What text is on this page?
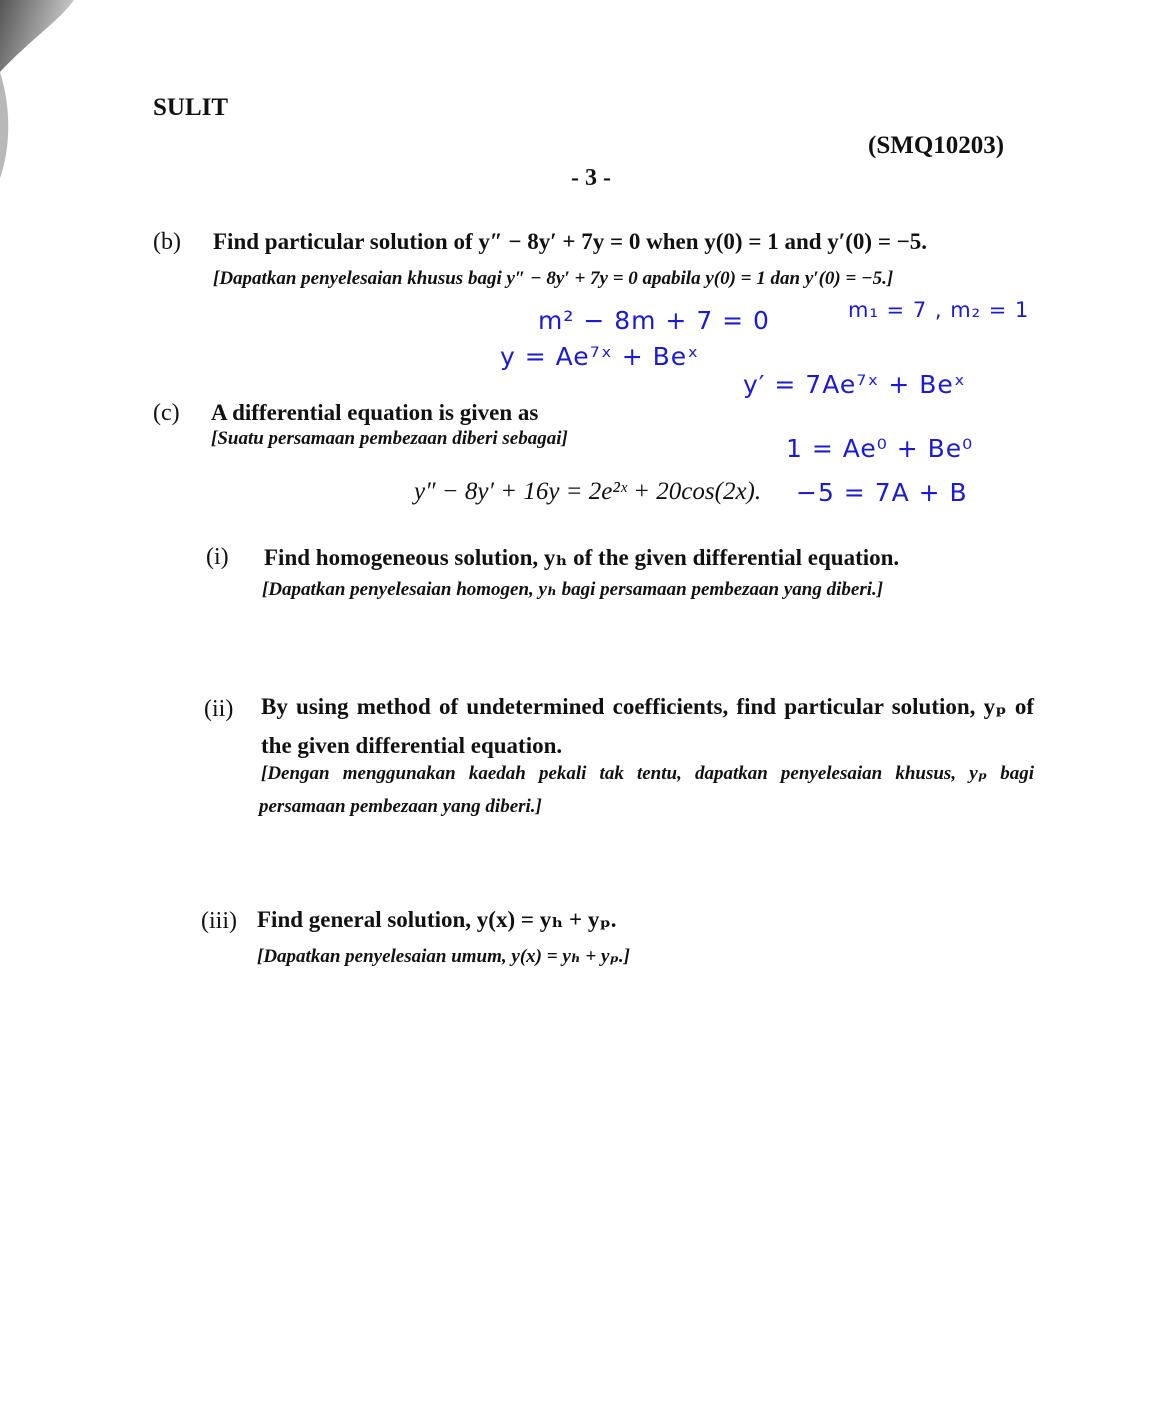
SULIT
(SMQ10203)
- 3 -
(b) Find particular solution of y″ − 8y′ + 7y = 0 when y(0) = 1 and y′(0) = −5.
[Dapatkan penyelesaian khusus bagi y″ − 8y′ + 7y = 0 apabila y(0) = 1 dan y′(0) = −5.]
m² − 8m + 7 = 0	m₁ = 7 , m₂ = 1
y = Ae⁷ˣ + Beˣ
y′ = 7Ae⁷ˣ + Beˣ
1 = Ae⁰ + Be⁰
−5 = 7A + B
(c) A differential equation is given as
[Suatu persamaan pembezaan diberi sebagai]
y″ − 8y′ + 16y = 2e²ˣ + 20cos(2x).
(i) Find homogeneous solution, yₕ of the given differential equation.
[Dapatkan penyelesaian homogen, yₕ bagi persamaan pembezaan yang diberi.]
(ii) By using method of undetermined coefficients, find particular solution, yₚ of
the given differential equation.
[Dengan menggunakan kaedah pekali tak tentu, dapatkan penyelesaian khusus, yₚ bagi
persamaan pembezaan yang diberi.]
(iii) Find general solution, y(x) = yₕ + yₚ.
[Dapatkan penyelesaian umum, y(x) = yₕ + yₚ.]
